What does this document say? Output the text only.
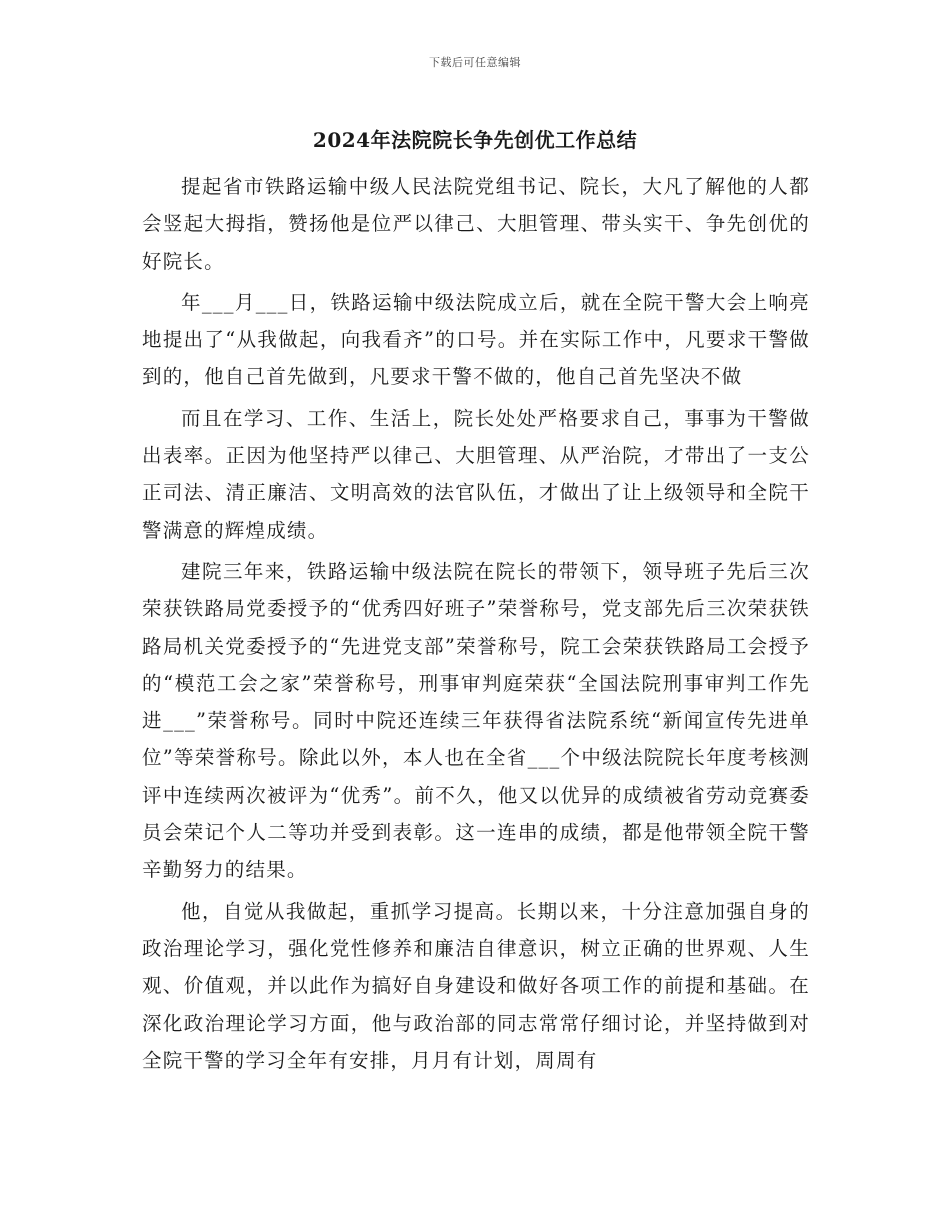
下载后可任意编辑
2024年法院院长争先创优工作总结

提起省市铁路运输中级人民法院党组书记、院长，大凡了解他的人都会竖起大拇指，赞扬他是位严以律己、大胆管理、带头实干、争先创优的好院长。

年___月___日，铁路运输中级法院成立后，就在全院干警大会上响亮地提出了“从我做起，向我看齐”的口号。并在实际工作中，凡要求干警做到的，他自己首先做到，凡要求干警不做的，他自己首先坚决不做

而且在学习、工作、生活上，院长处处严格要求自己，事事为干警做出表率。正因为他坚持严以律己、大胆管理、从严治院，才带出了一支公正司法、清正廉洁、文明高效的法官队伍，才做出了让上级领导和全院干警满意的辉煌成绩。

建院三年来，铁路运输中级法院在院长的带领下，领导班子先后三次荣获铁路局党委授予的“优秀四好班子”荣誉称号，党支部先后三次荣获铁路局机关党委授予的“先进党支部”荣誉称号，院工会荣获铁路局工会授予的“模范工会之家”荣誉称号，刑事审判庭荣获“全国法院刑事审判工作先进___”荣誉称号。同时中院还连续三年获得省法院系统“新闻宣传先进单位”等荣誉称号。除此以外，本人也在全省___个中级法院院长年度考核测评中连续两次被评为“优秀”。前不久，他又以优异的成绩被省劳动竞赛委员会荣记个人二等功并受到表彰。这一连串的成绩，都是他带领全院干警辛勤努力的结果。

他，自觉从我做起，重抓学习提高。长期以来，十分注意加强自身的政治理论学习，强化党性修养和廉洁自律意识，树立正确的世界观、人生观、价值观，并以此作为搞好自身建设和做好各项工作的前提和基础。在深化政治理论学习方面，他与政治部的同志常常仔细讨论，并坚持做到对全院干警的学习全年有安排，月月有计划，周周有
